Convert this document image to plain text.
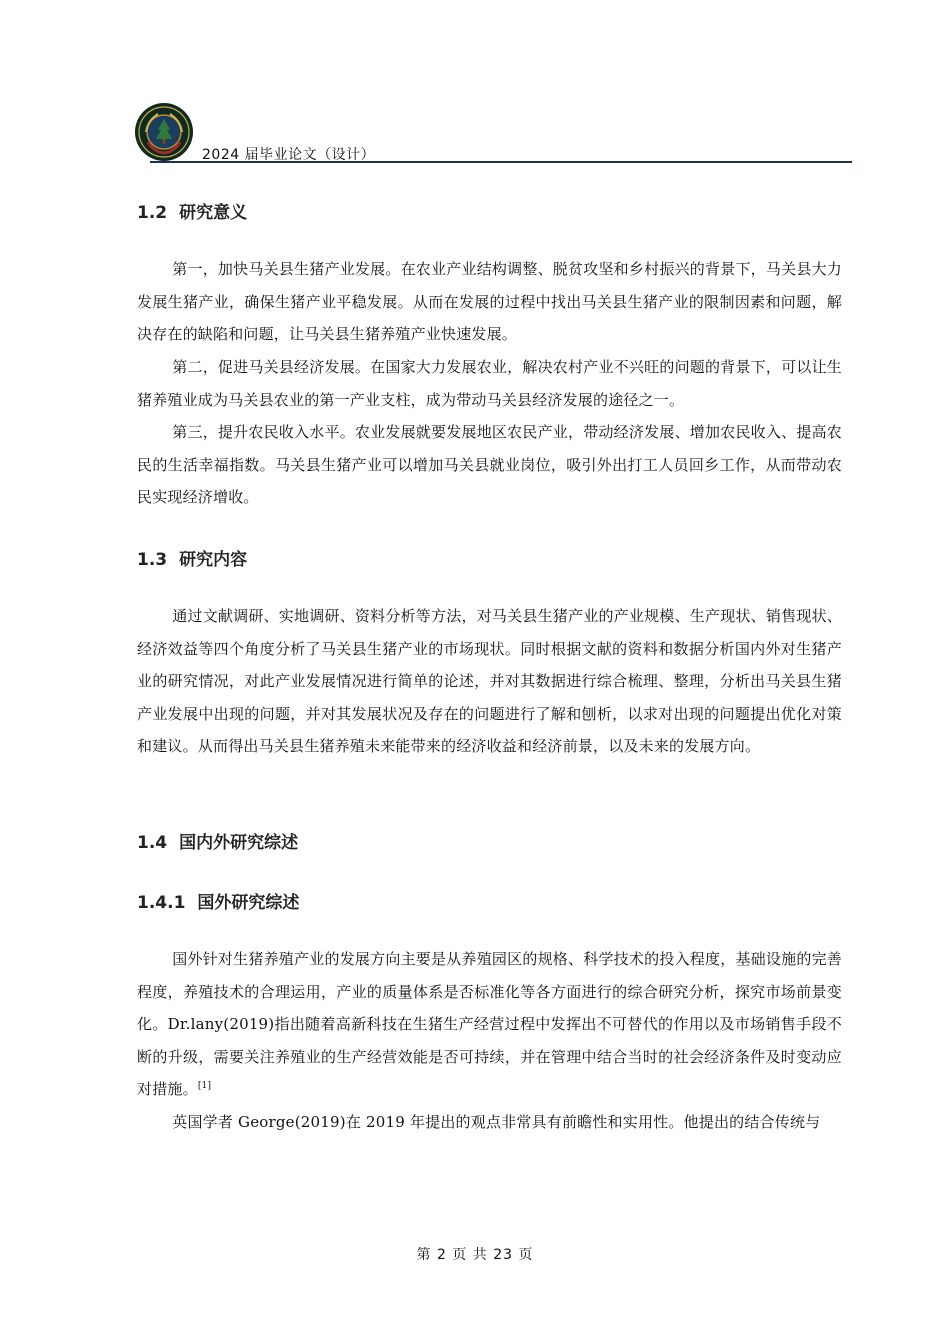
2024 届毕业论文（设计）
1.2 研究意义

第一，加快马关县生猪产业发展。在农业产业结构调整、脱贫攻坚和乡村振兴的背景下，马关县大力发展生猪产业，确保生猪产业平稳发展。从而在发展的过程中找出马关县生猪产业的限制因素和问题，解决存在的缺陷和问题，让马关县生猪养殖产业快速发展。

第二，促进马关县经济发展。在国家大力发展农业，解决农村产业不兴旺的问题的背景下，可以让生猪养殖业成为马关县农业的第一产业支柱，成为带动马关县经济发展的途径之一。

第三，提升农民收入水平。农业发展就要发展地区农民产业，带动经济发展、增加农民收入、提高农民的生活幸福指数。马关县生猪产业可以增加马关县就业岗位，吸引外出打工人员回乡工作，从而带动农民实现经济增收。

1.3 研究内容

通过文献调研、实地调研、资料分析等方法，对马关县生猪产业的产业规模、生产现状、销售现状、经济效益等四个角度分析了马关县生猪产业的市场现状。同时根据文献的资料和数据分析国内外对生猪产业的研究情况，对此产业发展情况进行简单的论述，并对其数据进行综合梳理、整理，分析出马关县生猪产业发展中出现的问题，并对其发展状况及存在的问题进行了解和刨析，以求对出现的问题提出优化对策和建议。从而得出马关县生猪养殖未来能带来的经济收益和经济前景，以及未来的发展方向。

1.4 国内外研究综述
1.4.1 国外研究综述

国外针对生猪养殖产业的发展方向主要是从养殖园区的规格、科学技术的投入程度，基础设施的完善程度，养殖技术的合理运用，产业的质量体系是否标准化等各方面进行的综合研究分析，探究市场前景变化。Dr.lany(2019)指出随着高新科技在生猪生产经营过程中发挥出不可替代的作用以及市场销售手段不断的升级，需要关注养殖业的生产经营效能是否可持续，并在管理中结合当时的社会经济条件及时变动应对措施。[1]

英国学者 George(2019)在 2019 年提出的观点非常具有前瞻性和实用性。他提出的结合传统与

第 2 页 共 23 页
